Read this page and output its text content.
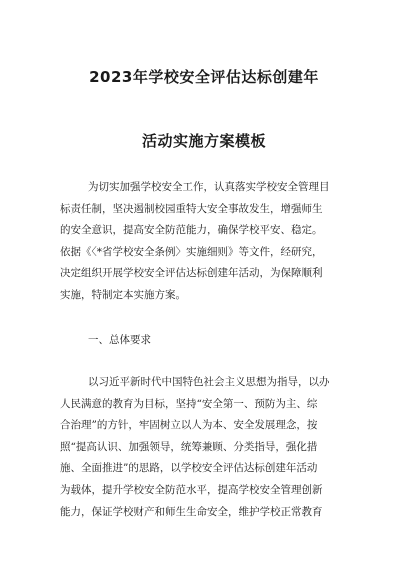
2023年学校安全评估达标创建年
活动实施方案模板
为切实加强学校安全工作，认真落实学校安全管理目
标责任制，坚决遏制校园重特大安全事故发生，增强师生
的安全意识，提高安全防范能力，确保学校平安、稳定。
依据《〈*省学校安全条例〉实施细则》等文件，经研究，
决定组织开展学校安全评估达标创建年活动，为保障顺利
实施，特制定本实施方案。
一、总体要求
以习近平新时代中国特色社会主义思想为指导，以办
人民满意的教育为目标，坚持“安全第一、预防为主、综
合治理”的方针，牢固树立以人为本、安全发展理念，按
照“提高认识、加强领导，统筹兼顾、分类指导，强化措
施、全面推进”的思路，以学校安全评估达标创建年活动
为载体，提升学校安全防范水平，提高学校安全管理创新
能力，保证学校财产和师生生命安全，维护学校正常教育
